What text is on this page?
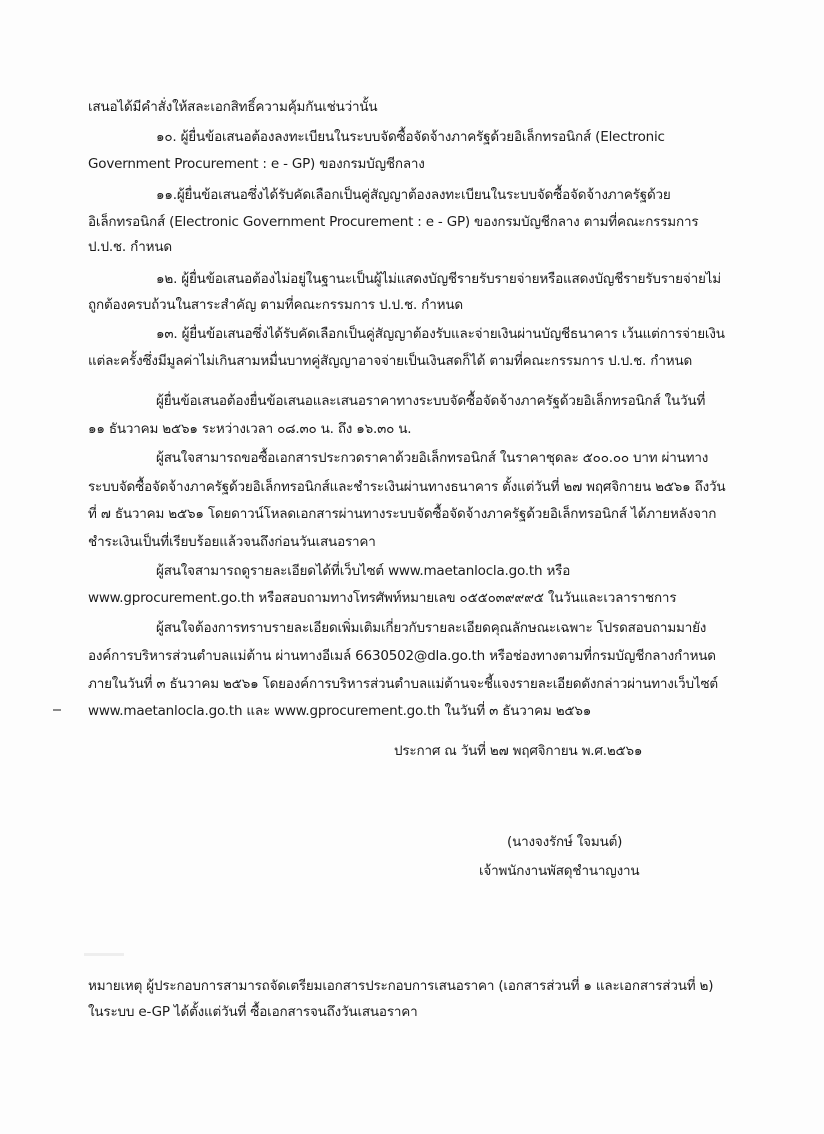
เสนอได้มีคำสั่งให้สละเอกสิทธิ์ความคุ้มกันเช่นว่านั้น
๑๐. ผู้ยื่นข้อเสนอต้องลงทะเบียนในระบบจัดซื้อจัดจ้างภาครัฐด้วยอิเล็กทรอนิกส์ (Electronic
Government Procurement : e - GP) ของกรมบัญชีกลาง
๑๑.ผู้ยื่นข้อเสนอซึ่งได้รับคัดเลือกเป็นคู่สัญญาต้องลงทะเบียนในระบบจัดซื้อจัดจ้างภาครัฐด้วย
อิเล็กทรอนิกส์ (Electronic Government Procurement : e - GP) ของกรมบัญชีกลาง ตามที่คณะกรรมการ
ป.ป.ช. กำหนด
๑๒. ผู้ยื่นข้อเสนอต้องไม่อยู่ในฐานะเป็นผู้ไม่แสดงบัญชีรายรับรายจ่ายหรือแสดงบัญชีรายรับรายจ่ายไม่
ถูกต้องครบถ้วนในสาระสำคัญ ตามที่คณะกรรมการ ป.ป.ช. กำหนด
๑๓. ผู้ยื่นข้อเสนอซึ่งได้รับคัดเลือกเป็นคู่สัญญาต้องรับและจ่ายเงินผ่านบัญชีธนาคาร เว้นแต่การจ่ายเงิน
แต่ละครั้งซึ่งมีมูลค่าไม่เกินสามหมื่นบาทคู่สัญญาอาจจ่ายเป็นเงินสดก็ได้ ตามที่คณะกรรมการ ป.ป.ช. กำหนด
ผู้ยื่นข้อเสนอต้องยื่นข้อเสนอและเสนอราคาทางระบบจัดซื้อจัดจ้างภาครัฐด้วยอิเล็กทรอนิกส์ ในวันที่
๑๑ ธันวาคม ๒๕๖๑ ระหว่างเวลา ๐๘.๓๐ น. ถึง ๑๖.๓๐ น.
ผู้สนใจสามารถขอซื้อเอกสารประกวดราคาด้วยอิเล็กทรอนิกส์ ในราคาชุดละ ๕๐๐.๐๐ บาท ผ่านทาง
ระบบจัดซื้อจัดจ้างภาครัฐด้วยอิเล็กทรอนิกส์และชำระเงินผ่านทางธนาคาร ตั้งแต่วันที่ ๒๗ พฤศจิกายน ๒๕๖๑ ถึงวัน
ที่ ๗ ธันวาคม ๒๕๖๑ โดยดาวน์โหลดเอกสารผ่านทางระบบจัดซื้อจัดจ้างภาครัฐด้วยอิเล็กทรอนิกส์ ได้ภายหลังจาก
ชำระเงินเป็นที่เรียบร้อยแล้วจนถึงก่อนวันเสนอราคา
ผู้สนใจสามารถดูรายละเอียดได้ที่เว็บไซต์ www.maetanlocla.go.th หรือ
www.gprocurement.go.th หรือสอบถามทางโทรศัพท์หมายเลข ๐๕๕๐๓๙๙๙๕ ในวันและเวลาราชการ
ผู้สนใจต้องการทราบรายละเอียดเพิ่มเติมเกี่ยวกับรายละเอียดคุณลักษณะเฉพาะ โปรดสอบถามมายัง
องค์การบริหารส่วนตำบลแม่ต้าน ผ่านทางอีเมล์ 6630502@dla.go.th หรือช่องทางตามที่กรมบัญชีกลางกำหนด
ภายในวันที่ ๓ ธันวาคม ๒๕๖๑ โดยองค์การบริหารส่วนตำบลแม่ต้านจะชี้แจงรายละเอียดดังกล่าวผ่านทางเว็บไซต์
www.maetanlocla.go.th และ www.gprocurement.go.th ในวันที่ ๓ ธันวาคม ๒๕๖๑
ประกาศ ณ วันที่ ๒๗ พฤศจิกายน พ.ศ.๒๕๖๑
(นางจงรักษ์ ใจมนต์)
เจ้าพนักงานพัสดุชำนาญงาน
หมายเหตุ ผู้ประกอบการสามารถจัดเตรียมเอกสารประกอบการเสนอราคา (เอกสารส่วนที่ ๑ และเอกสารส่วนที่ ๒)
ในระบบ e-GP ได้ตั้งแต่วันที่ ซื้อเอกสารจนถึงวันเสนอราคา
